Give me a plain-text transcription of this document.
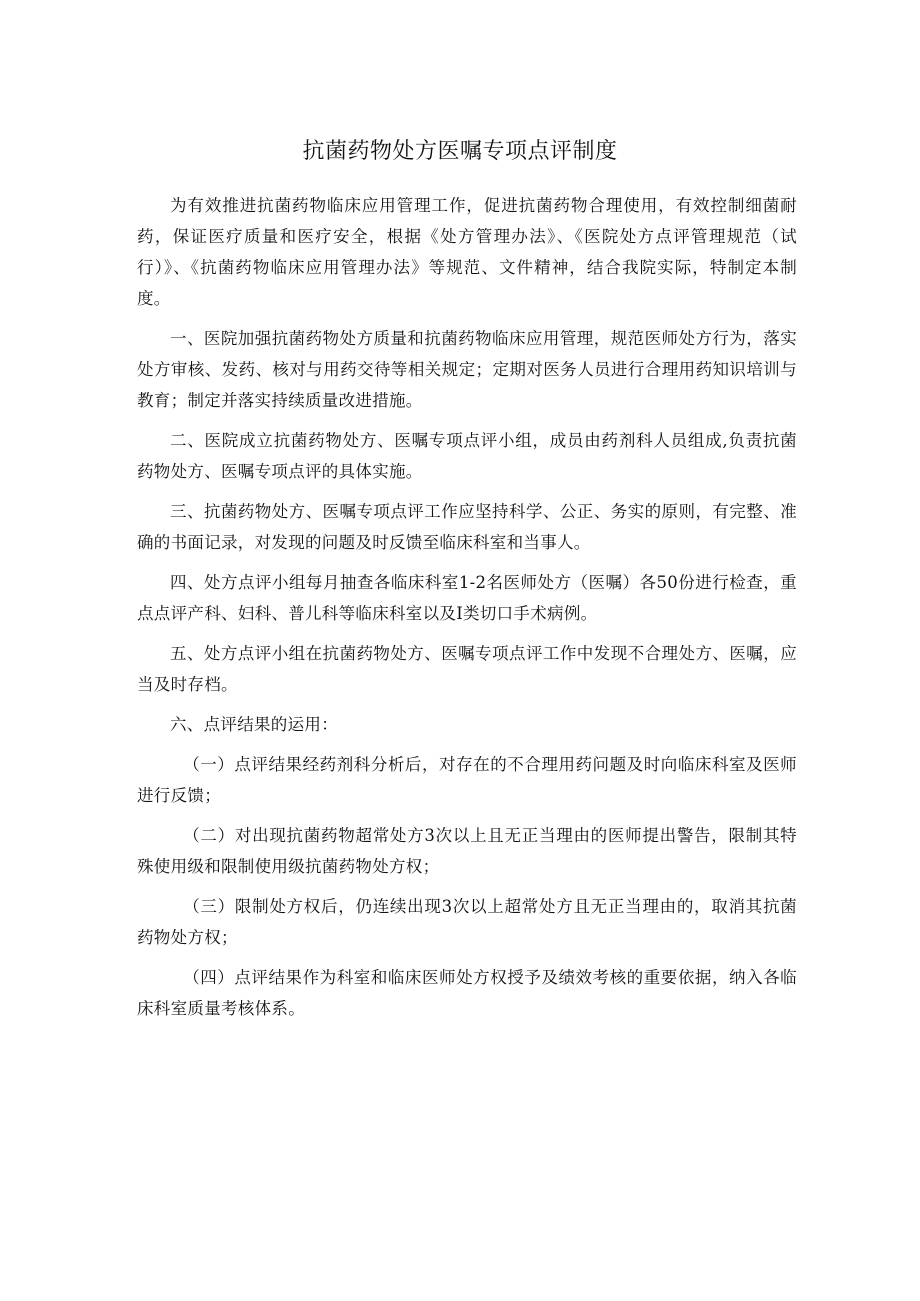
抗菌药物处方医嘱专项点评制度

为有效推进抗菌药物临床应用管理工作，促进抗菌药物合理使用，有效控制细菌耐药，保证医疗质量和医疗安全，根据《处方管理办法》、《医院处方点评管理规范（试行）》、《抗菌药物临床应用管理办法》等规范、文件精神，结合我院实际，特制定本制度。

一、医院加强抗菌药物处方质量和抗菌药物临床应用管理，规范医师处方行为，落实处方审核、发药、核对与用药交待等相关规定；定期对医务人员进行合理用药知识培训与教育；制定并落实持续质量改进措施。

二、医院成立抗菌药物处方、医嘱专项点评小组，成员由药剂科人员组成,负责抗菌药物处方、医嘱专项点评的具体实施。

三、抗菌药物处方、医嘱专项点评工作应坚持科学、公正、务实的原则，有完整、准确的书面记录，对发现的问题及时反馈至临床科室和当事人。

四、处方点评小组每月抽查各临床科室1-2名医师处方（医嘱）各50份进行检查，重点点评产科、妇科、普儿科等临床科室以及I类切口手术病例。

五、处方点评小组在抗菌药物处方、医嘱专项点评工作中发现不合理处方、医嘱，应当及时存档。

六、点评结果的运用：

（一）点评结果经药剂科分析后，对存在的不合理用药问题及时向临床科室及医师进行反馈；

（二）对出现抗菌药物超常处方3次以上且无正当理由的医师提出警告，限制其特殊使用级和限制使用级抗菌药物处方权；

（三）限制处方权后，仍连续出现3次以上超常处方且无正当理由的，取消其抗菌药物处方权；

（四）点评结果作为科室和临床医师处方权授予及绩效考核的重要依据，纳入各临床科室质量考核体系。
